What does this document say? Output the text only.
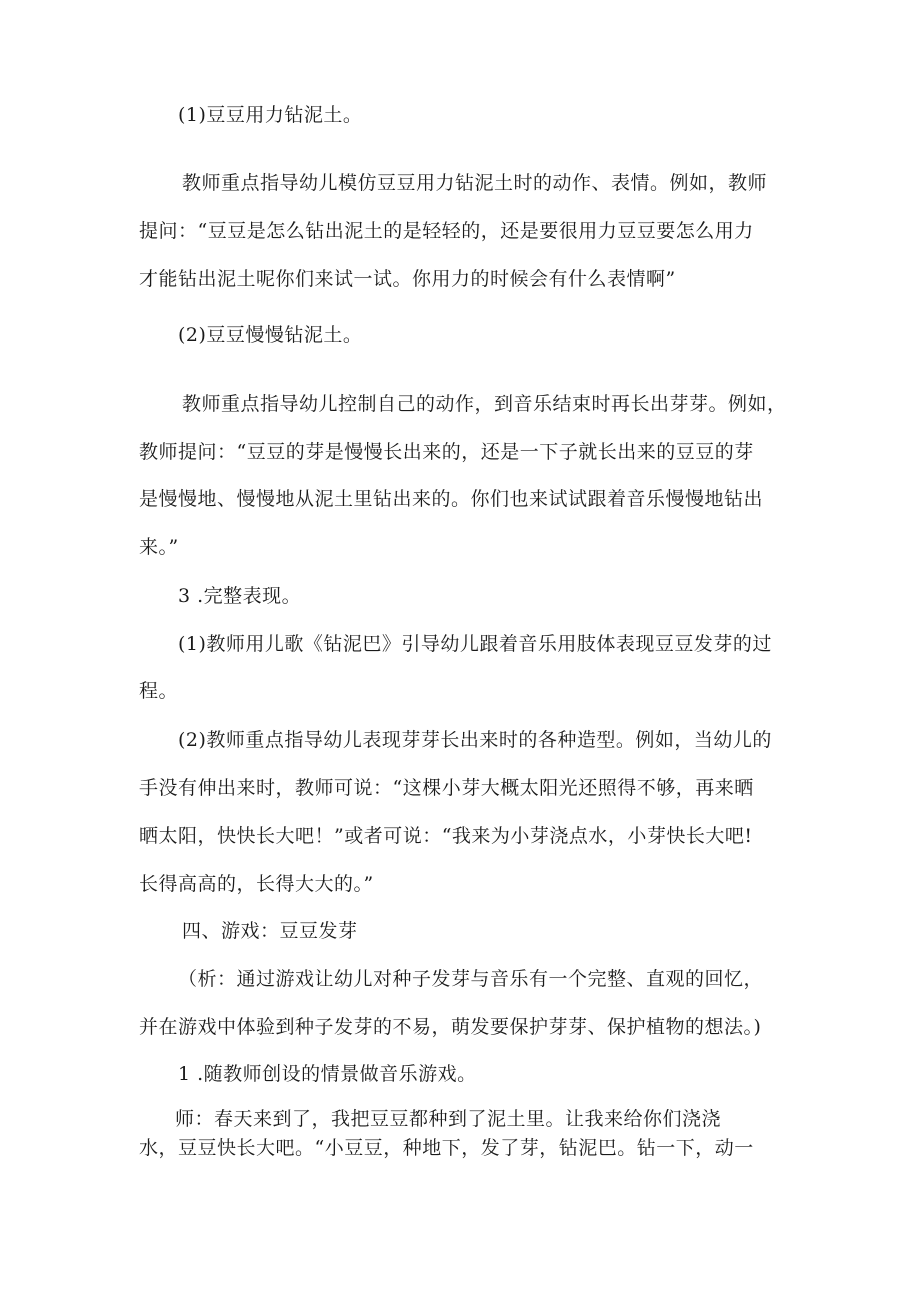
(1)豆豆用力钻泥土。
教师重点指导幼儿模仿豆豆用力钻泥土时的动作、表情。例如，教师
提问：“豆豆是怎么钻出泥土的是轻轻的，还是要很用力豆豆要怎么用力
才能钻出泥土呢你们来试一试。你用力的时候会有什么表情啊”
(2)豆豆慢慢钻泥土。
教师重点指导幼儿控制自己的动作，到音乐结束时再长出芽芽。例如，
教师提问：“豆豆的芽是慢慢长出来的，还是一下子就长出来的豆豆的芽
是慢慢地、慢慢地从泥土里钻出来的。你们也来试试跟着音乐慢慢地钻出
来。”
3 .完整表现。
(1)教师用儿歌《钻泥巴》引导幼儿跟着音乐用肢体表现豆豆发芽的过
程。
(2)教师重点指导幼儿表现芽芽长出来时的各种造型。例如，当幼儿的
手没有伸出来时，教师可说：“这棵小芽大概太阳光还照得不够，再来晒
晒太阳，快快长大吧！”或者可说：“我来为小芽浇点水，小芽快长大吧!
长得高高的，长得大大的。”
四、游戏：豆豆发芽
（析：通过游戏让幼儿对种子发芽与音乐有一个完整、直观的回忆，
并在游戏中体验到种子发芽的不易，萌发要保护芽芽、保护植物的想法。)
1 .随教师创设的情景做音乐游戏。
师：春天来到了，我把豆豆都种到了泥土里。让我来给你们浇浇
水，豆豆快长大吧。“小豆豆，种地下，发了芽，钻泥巴。钻一下，动一
